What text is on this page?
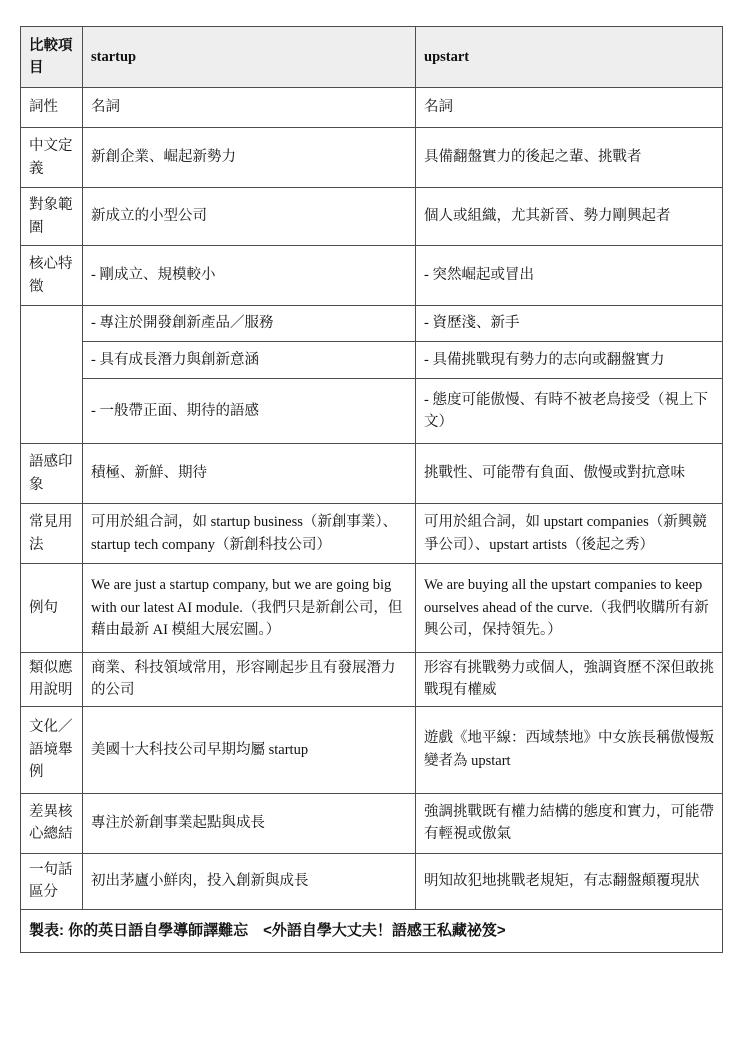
比較項目	startup	upstart
詞性	名詞	名詞
中文定義	新創企業、崛起新勢力	具備翻盤實力的後起之輩、挑戰者
對象範圍	新成立的小型公司	個人或組織，尤其新晉、勢力剛興起者
核心特徵	- 剛成立、規模較小	- 突然崛起或冒出
	- 專注於開發創新產品／服務	- 資歷淺、新手
	- 具有成長潛力與創新意涵	- 具備挑戰現有勢力的志向或翻盤實力
	- 一般帶正面、期待的語感	- 態度可能傲慢、有時不被老鳥接受（視上下文）
語感印象	積極、新鮮、期待	挑戰性、可能帶有負面、傲慢或對抗意味
常見用法	可用於組合詞，如 startup business（新創事業）、startup tech company（新創科技公司）	可用於組合詞，如 upstart companies（新興競爭公司）、upstart artists（後起之秀）
例句	We are just a startup company, but we are going big with our latest AI module.（我們只是新創公司，但藉由最新 AI 模組大展宏圖。）	We are buying all the upstart companies to keep ourselves ahead of the curve.（我們收購所有新興公司，保持領先。）
類似應用說明	商業、科技領域常用，形容剛起步且有發展潛力的公司	形容有挑戰勢力或個人，強調資歷不深但敢挑戰現有權威
文化／語境舉例	美國十大科技公司早期均屬 startup	遊戲《地平線：西域禁地》中女族長稱傲慢叛變者為 upstart
差異核心總結	專注於新創事業起點與成長	強調挑戰既有權力結構的態度和實力，可能帶有輕視或傲氣
一句話區分	初出茅廬小鮮肉，投入創新與成長	明知故犯地挑戰老規矩，有志翻盤顛覆現狀
製表: 你的英日語自學導師譯難忘　<外語自學大丈夫！語感王私藏祕笈>		
